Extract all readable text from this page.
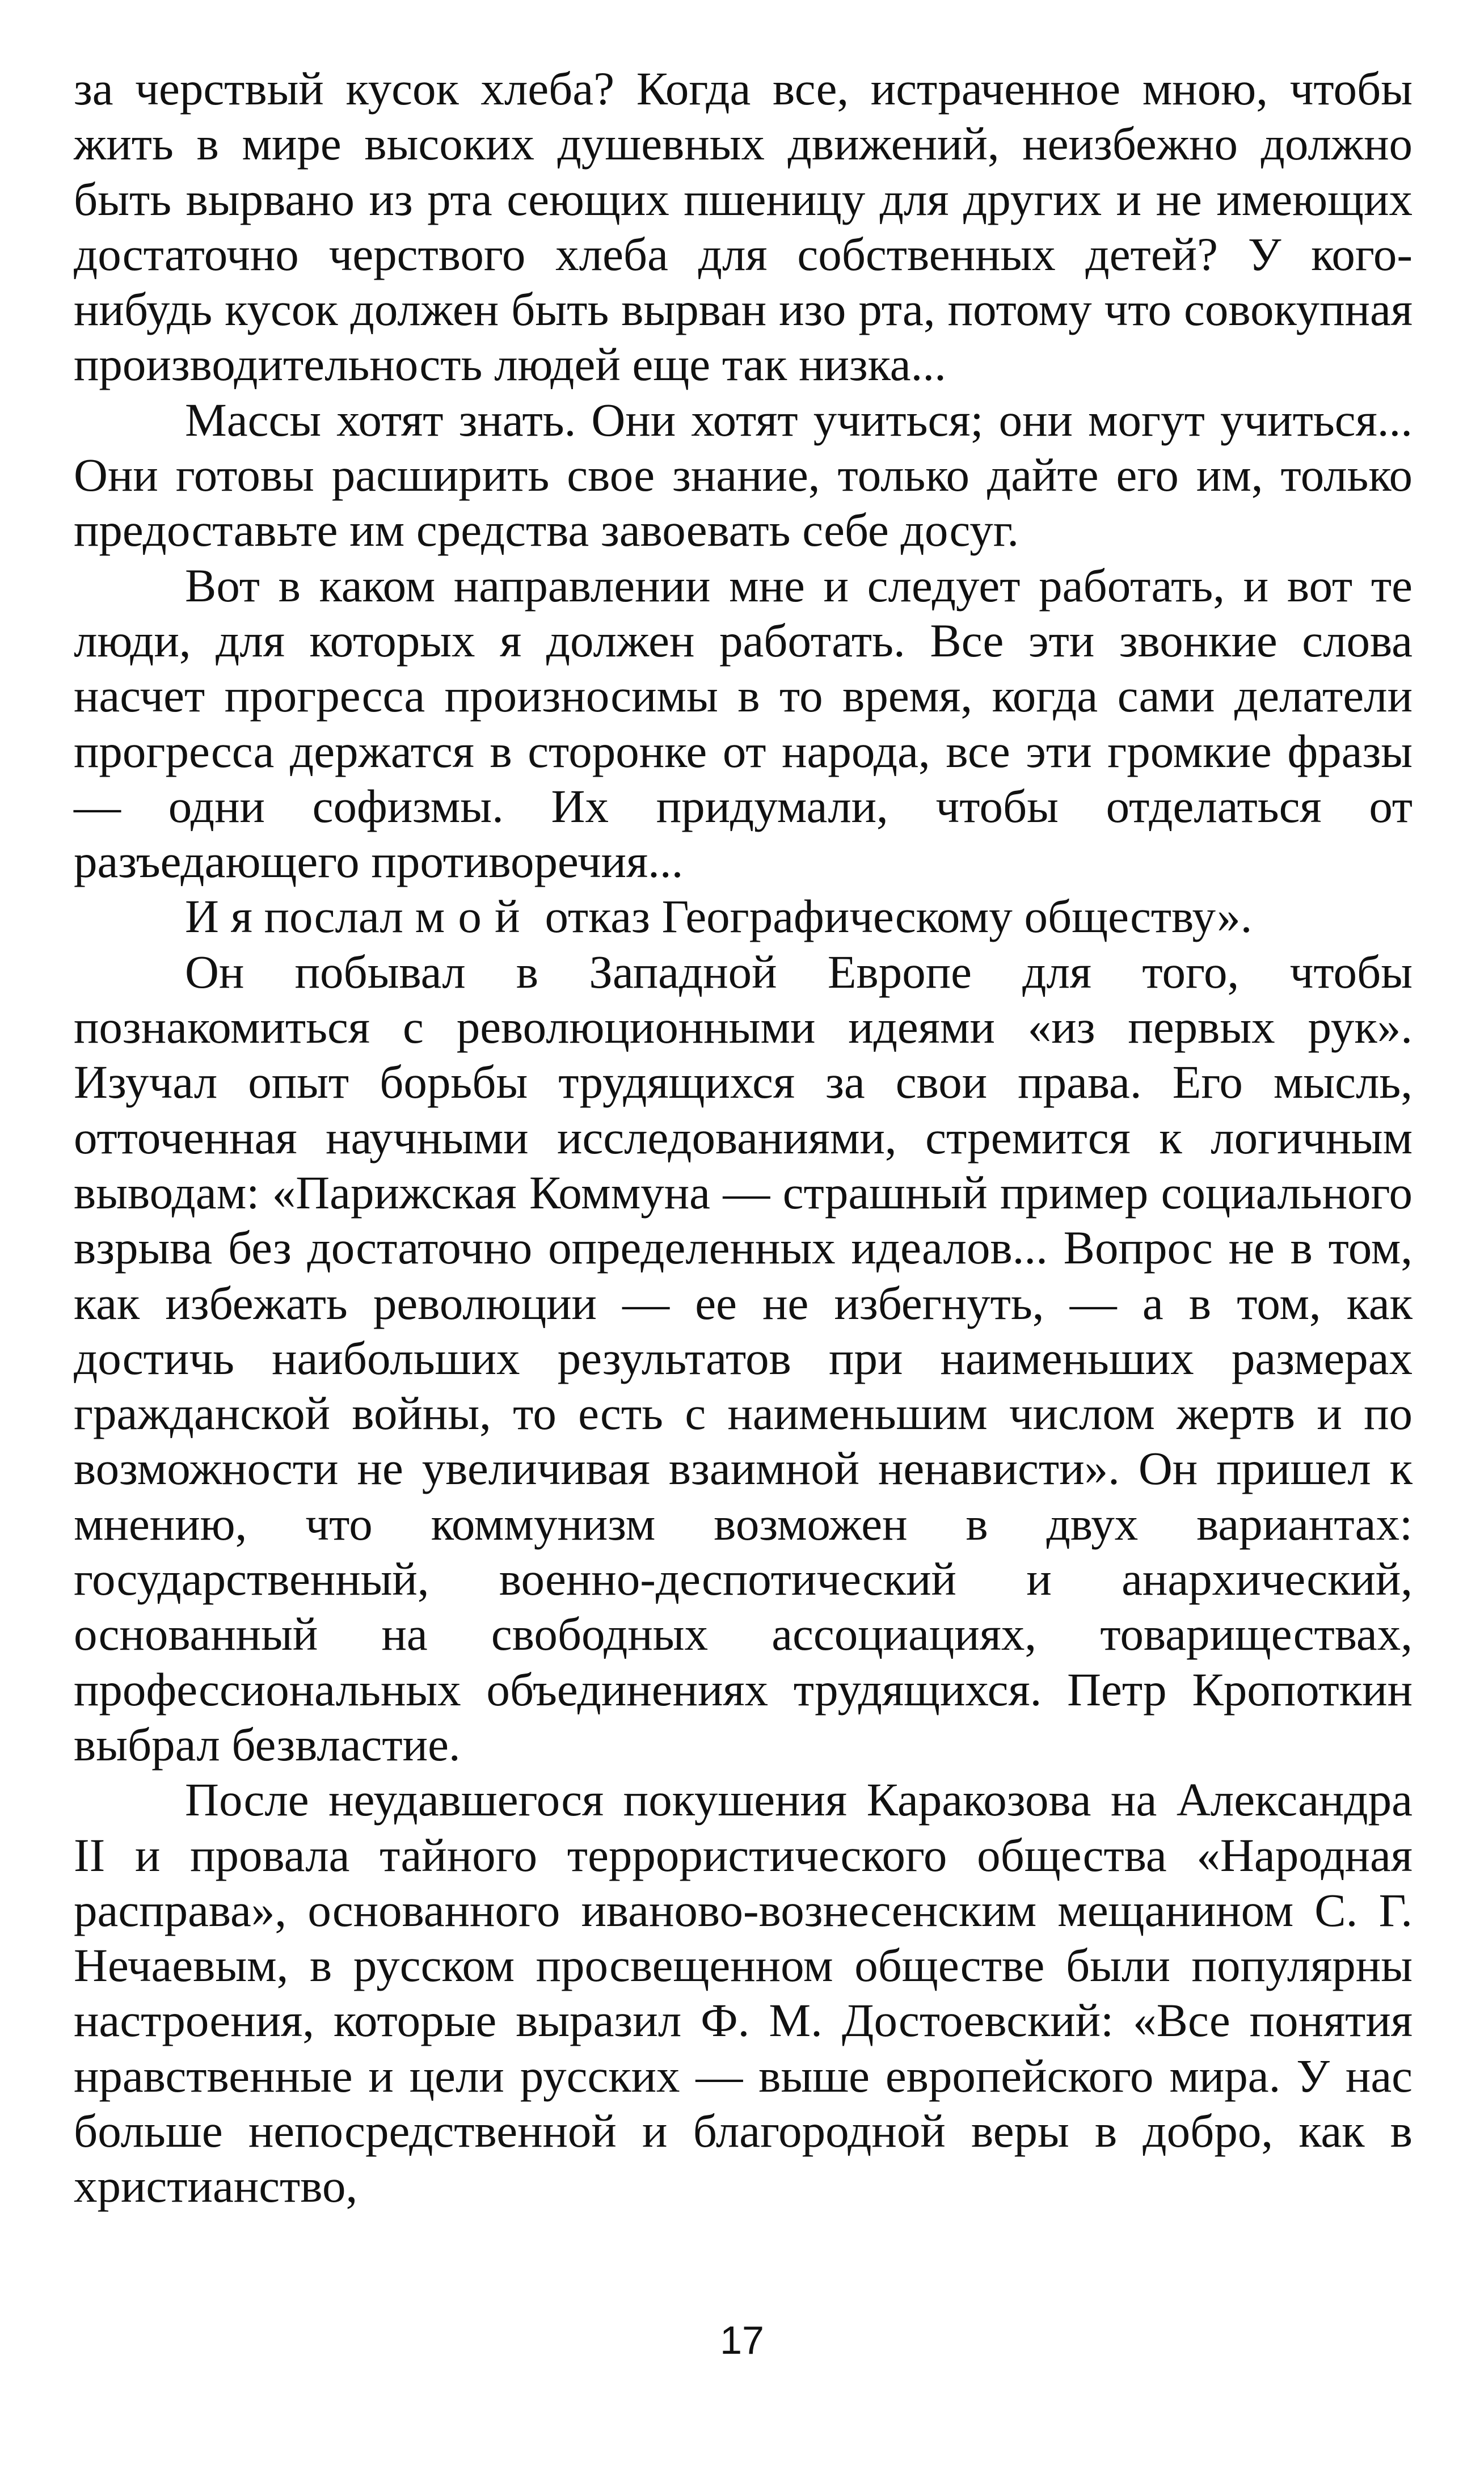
за черствый кусок хлеба? Когда все, истраченное мною, чтобы жить в мире высоких душевных движений, неизбежно должно быть вырвано из рта сеющих пшеницу для других и не имеющих достаточно черствого хлеба для собственных детей? У кого-нибудь кусок должен быть вырван изо рта, потому что совокупная производительность людей еще так низка...

Массы хотят знать. Они хотят учиться; они могут учиться... Они готовы расширить свое знание, только дайте его им, только предоставьте им средства завоевать себе досуг.

Вот в каком направлении мне и следует работать, и вот те люди, для которых я должен работать. Все эти звонкие слова насчет прогресса произносимы в то время, когда сами делатели прогресса держатся в сторонке от народа, все эти громкие фразы — одни софизмы. Их придумали, чтобы отделаться от разъедающего противоречия...

И я послал мой отказ Географическому обществу».

Он побывал в Западной Европе для того, чтобы познакомиться с революционными идеями «из первых рук». Изучал опыт борьбы трудящихся за свои права. Его мысль, отточенная научными исследованиями, стремится к логичным выводам: «Парижская Коммуна — страшный пример социального взрыва без достаточно определенных идеалов... Вопрос не в том, как избежать революции — ее не избегнуть, — а в том, как достичь наибольших результатов при наименьших размерах гражданской войны, то есть с наименьшим числом жертв и по возможности не увеличивая взаимной ненависти». Он пришел к мнению, что коммунизм возможен в двух вариантах: государственный, военно-деспотический и анархический, основанный на свободных ассоциациях, товариществах, профессиональных объединениях трудящихся. Петр Кропоткин выбрал безвластие.

После неудавшегося покушения Каракозова на Александра II и провала тайного террористического общества «Народная расправа», основанного иваново-вознесенским мещанином С. Г. Нечаевым, в русском просвещенном обществе были популярны настроения, которые выразил Ф. М. Достоевский: «Все понятия нравственные и цели русских — выше европейского мира. У нас больше непосредственной и благородной веры в добро, как в христианство,

17
